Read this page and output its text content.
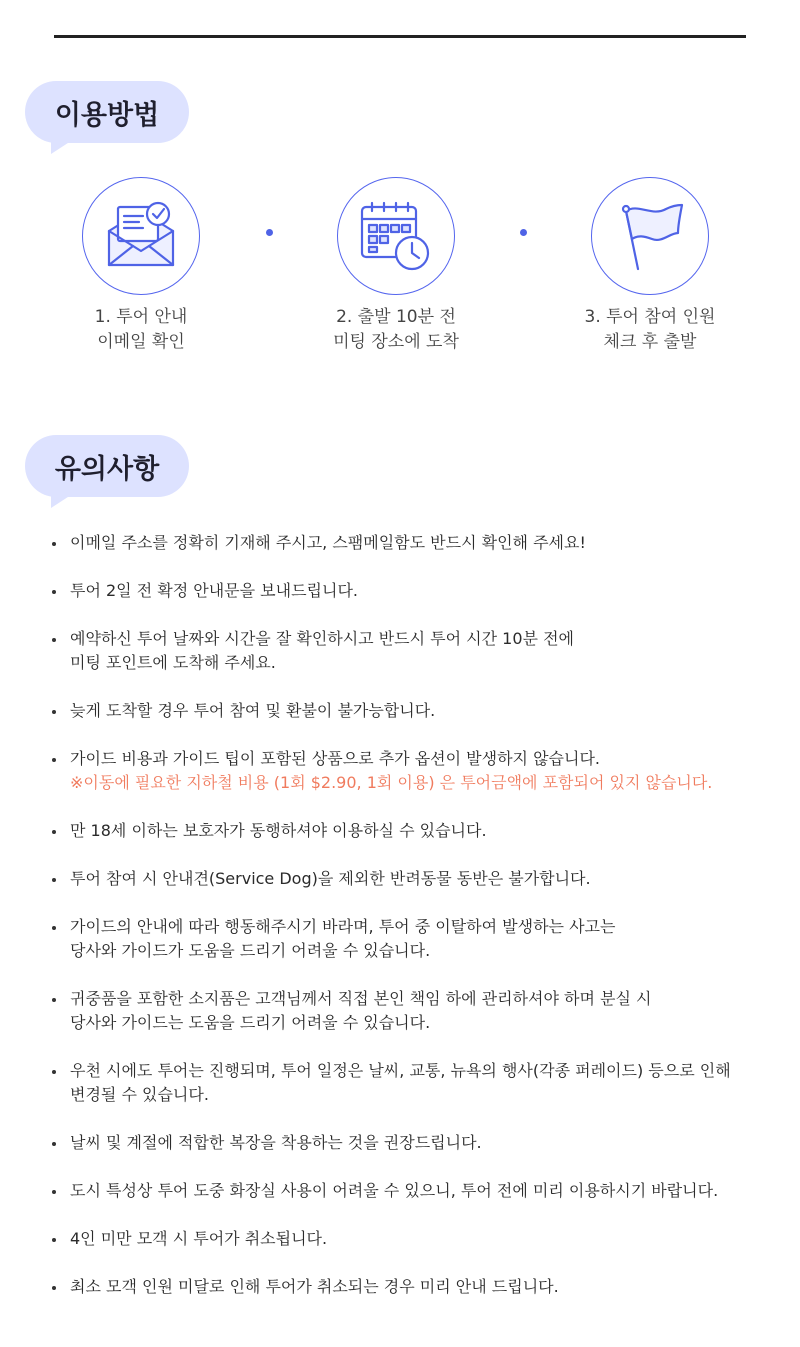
이용방법
1. 투어 안내
이메일 확인
2. 출발 10분 전
미팅 장소에 도착
3. 투어 참여 인원
체크 후 출발
유의사항
이메일 주소를 정확히 기재해 주시고, 스팸메일함도 반드시 확인해 주세요!
투어 2일 전 확정 안내문을 보내드립니다.
예약하신 투어 날짜와 시간을 잘 확인하시고 반드시 투어 시간 10분 전에
미팅 포인트에 도착해 주세요.
늦게 도착할 경우 투어 참여 및 환불이 불가능합니다.
가이드 비용과 가이드 팁이 포함된 상품으로 추가 옵션이 발생하지 않습니다.
※이동에 필요한 지하철 비용 (1회 $2.90, 1회 이용) 은 투어금액에 포함되어 있지 않습니다.
만 18세 이하는 보호자가 동행하셔야 이용하실 수 있습니다.
투어 참여 시 안내견(Service Dog)을 제외한 반려동물 동반은 불가합니다.
가이드의 안내에 따라 행동해주시기 바라며, 투어 중 이탈하여 발생하는 사고는
당사와 가이드가 도움을 드리기 어려울 수 있습니다.
귀중품을 포함한 소지품은 고객님께서 직접 본인 책임 하에 관리하셔야 하며 분실 시
당사와 가이드는 도움을 드리기 어려울 수 있습니다.
우천 시에도 투어는 진행되며, 투어 일정은 날씨, 교통, 뉴욕의 행사(각종 퍼레이드) 등으로 인해
변경될 수 있습니다.
날씨 및 계절에 적합한 복장을 착용하는 것을 권장드립니다.
도시 특성상 투어 도중 화장실 사용이 어려울 수 있으니, 투어 전에 미리 이용하시기 바랍니다.
4인 미만 모객 시 투어가 취소됩니다.
최소 모객 인원 미달로 인해 투어가 취소되는 경우 미리 안내 드립니다.
